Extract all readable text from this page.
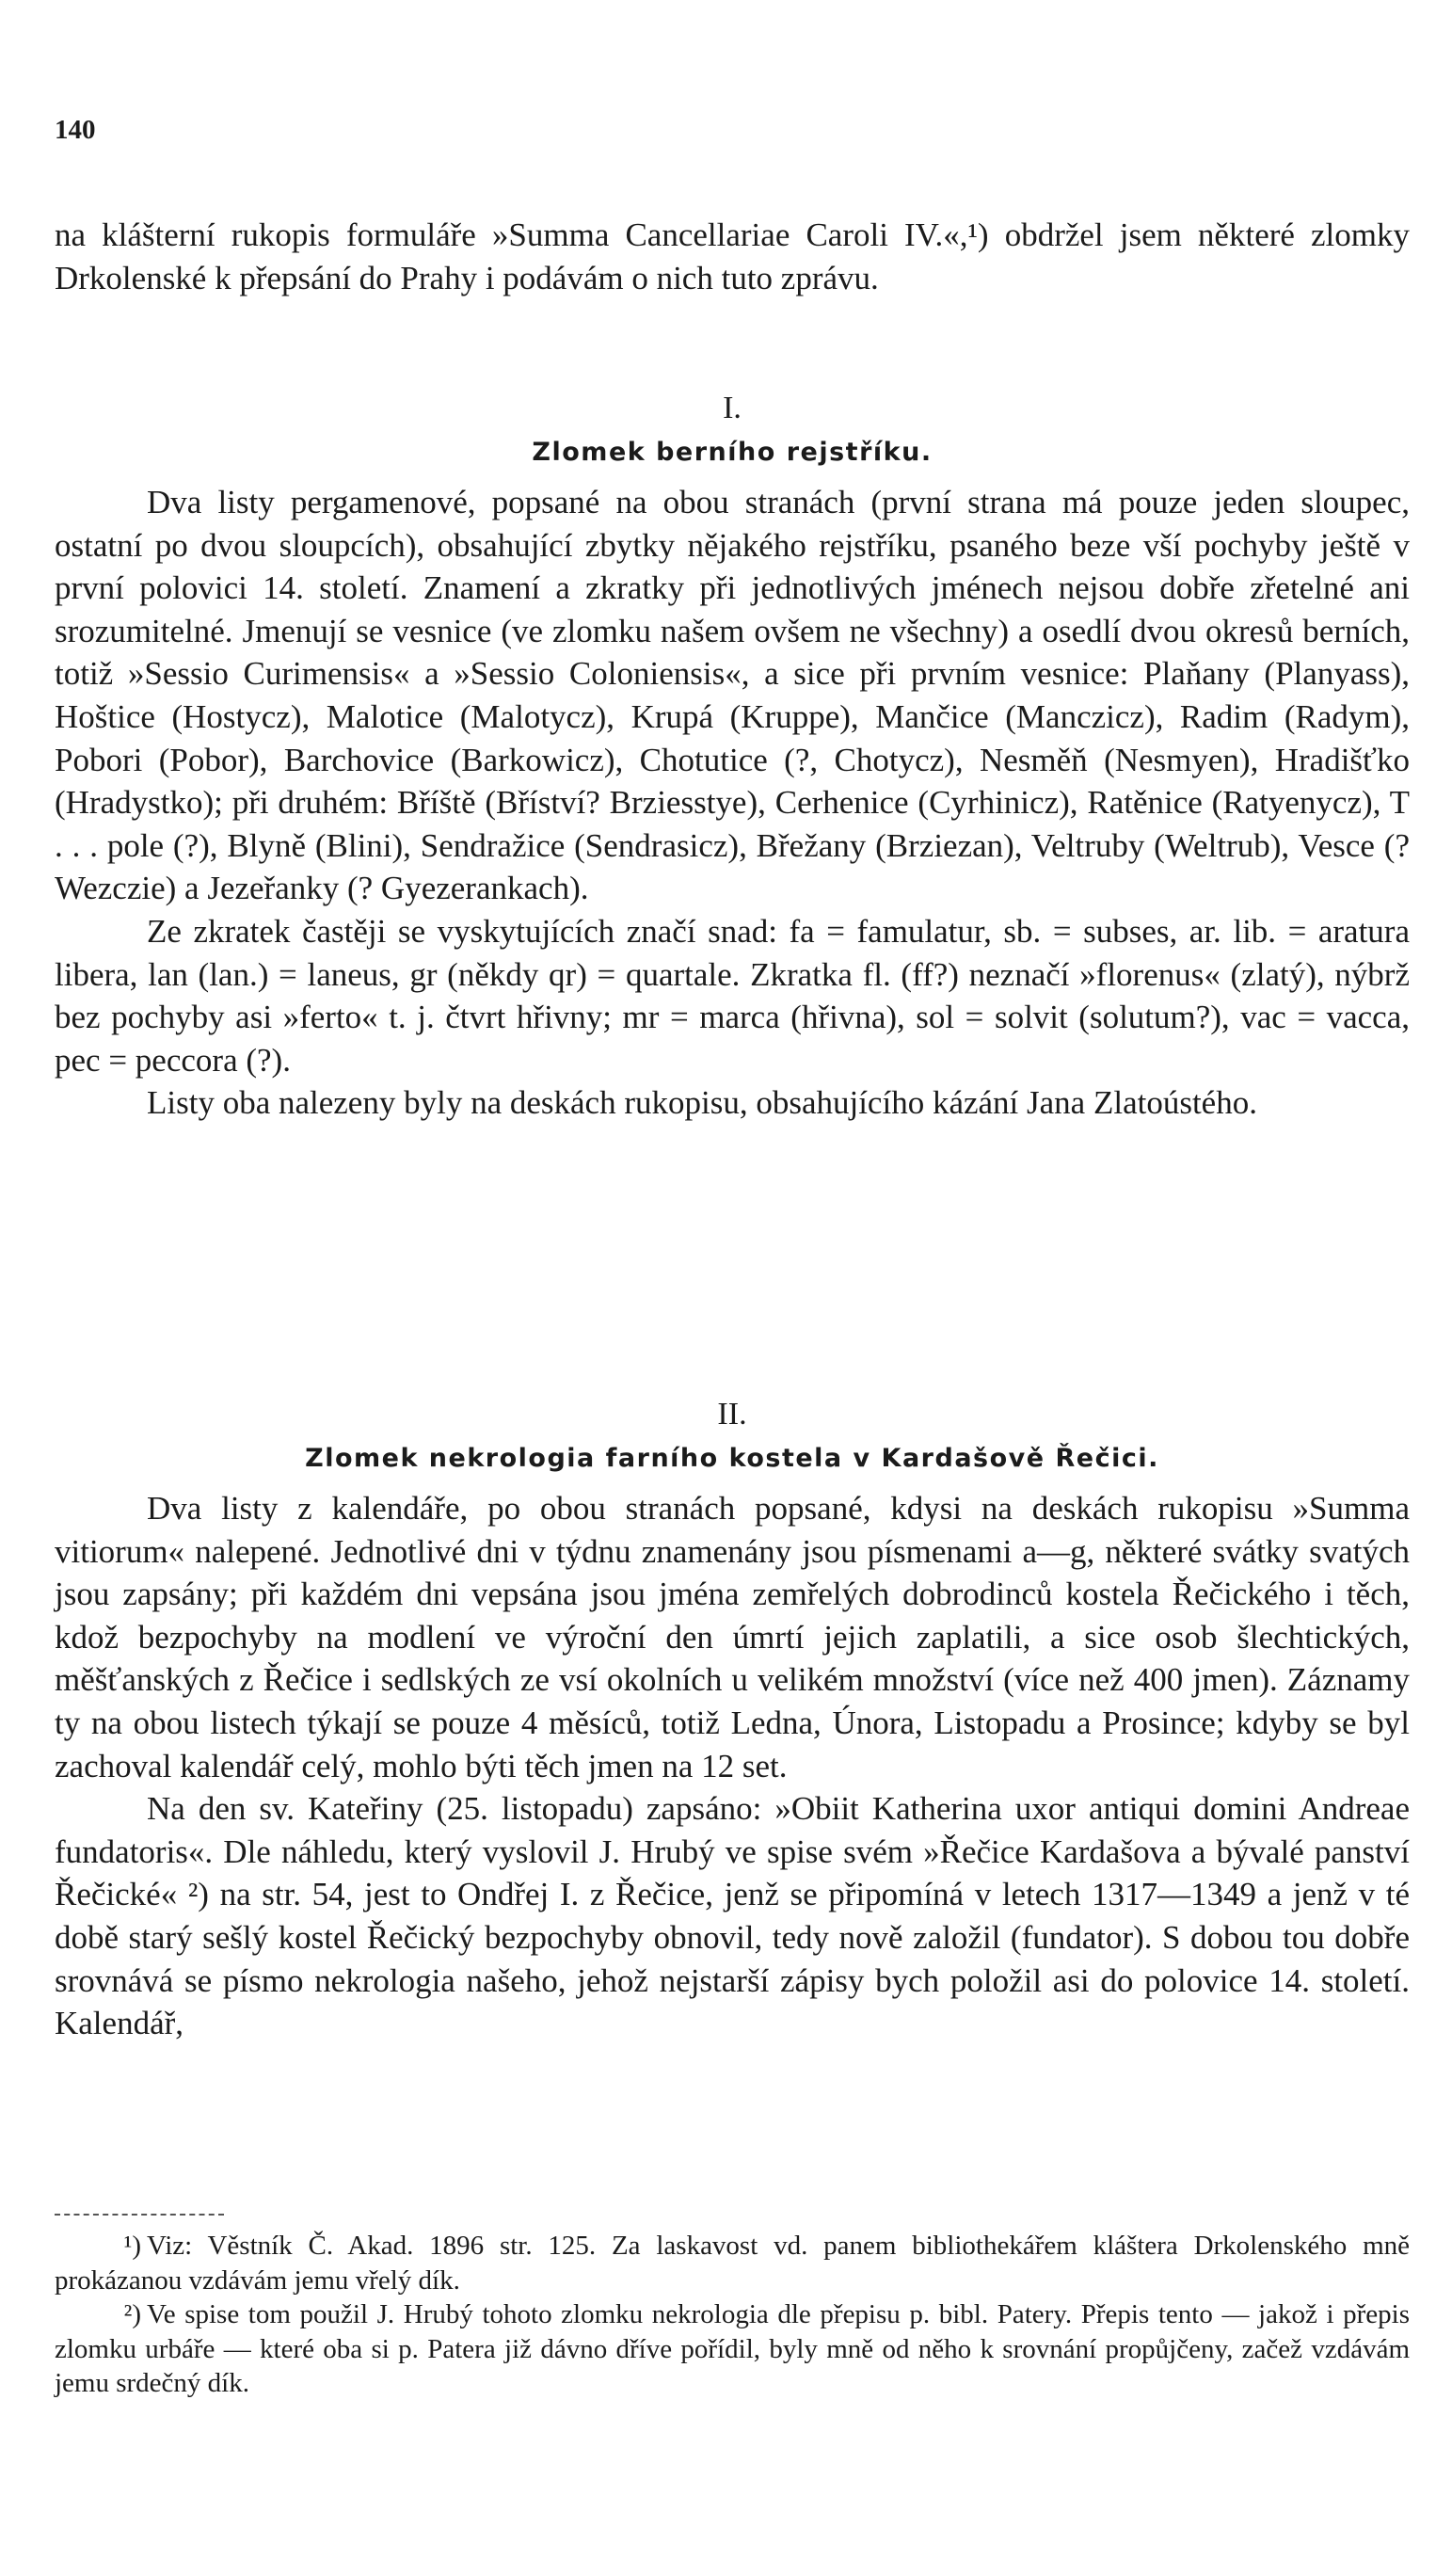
140

na klášterní rukopis formuláře »Summa Cancellariae Caroli IV.«,¹) obdržel jsem některé zlomky Drkolenské k přepsání do Prahy i podávám o nich tuto zprávu.

I.

Zlomek berního rejstříku.

Dva listy pergamenové, popsané na obou stranách (první strana má pouze jeden sloupec, ostatní po dvou sloupcích), obsahující zbytky nějakého rejstříku, psaného beze vší pochyby ještě v první polovici 14. století. Znamení a zkratky při jednotlivých jménech nejsou dobře zřetelné ani srozumitelné. Jmenují se vesnice (ve zlomku našem ovšem ne všechny) a osedlí dvou okresů berních, totiž »Sessio Curimensis« a »Sessio Coloniensis«, a sice při prvním vesnice: Plaňany (Planyass), Hoštice (Hostycz), Malotice (Malotycz), Krupá (Kruppe), Mančice (Manczicz), Radim (Radym), Pobori (Pobor), Barchovice (Barkowicz), Chotutice (?, Chotycz), Nesměň (Nesmyen), Hradišťko (Hradystko); při druhém: Bříště (Bříství? Brziesstye), Cerhenice (Cyrhinicz), Ratěnice (Ratyenycz), T . . . pole (?), Blyně (Blini), Sendražice (Sendrasicz), Břežany (Brziezan), Veltruby (Weltrub), Vesce (? Wezczie) a Jezeřanky (? Gyezerankach).

Ze zkratek častěji se vyskytujících značí snad: fa = famulatur, sb. = subses, ar. lib. = aratura libera, lan (lan.) = laneus, gr (někdy qr) = quartale. Zkratka fl. (ff?) neznačí »florenus« (zlatý), nýbrž bez pochyby asi »ferto« t. j. čtvrt hřivny; mr = marca (hřivna), sol = solvit (solutum?), vac = vacca, pec = peccora (?).

Listy oba nalezeny byly na deskách rukopisu, obsahujícího kázání Jana Zlatoústého.

II.

Zlomek nekrologia farního kostela v Kardašově Řečici.

Dva listy z kalendáře, po obou stranách popsané, kdysi na deskách rukopisu »Summa vitiorum« nalepené. Jednotlivé dni v týdnu znamenány jsou písmenami a—g, některé svátky svatých jsou zapsány; při každém dni vepsána jsou jména zemřelých dobrodinců kostela Řečického i těch, kdož bezpochyby na modlení ve výroční den úmrtí jejich zaplatili, a sice osob šlechtických, měšťanských z Řečice i sedlských ze vsí okolních u velikém množství (více než 400 jmen). Záznamy ty na obou listech týkají se pouze 4 měsíců, totiž Ledna, Února, Listopadu a Prosince; kdyby se byl zachoval kalendář celý, mohlo býti těch jmen na 12 set.

Na den sv. Kateřiny (25. listopadu) zapsáno: »Obiit Katherina uxor antiqui domini Andreae fundatoris«. Dle náhledu, který vyslovil J. Hrubý ve spise svém »Řečice Kardašova a bývalé panství Řečické« ²) na str. 54, jest to Ondřej I. z Řečice, jenž se připomíná v letech 1317—1349 a jenž v té době starý sešlý kostel Řečický bezpochyby obnovil, tedy nově založil (fundator). S dobou tou dobře srovnává se písmo nekrologia našeho, jehož nejstarší zápisy bych položil asi do polovice 14. století. Kalendář,

¹) Viz: Věstník Č. Akad. 1896 str. 125. Za laskavost vd. panem bibliothekářem kláštera Drkolenského mně prokázanou vzdávám jemu vřelý dík.

²) Ve spise tom použil J. Hrubý tohoto zlomku nekrologia dle přepisu p. bibl. Patery. Přepis tento — jakož i přepis zlomku urbáře — které oba si p. Patera již dávno dříve pořídil, byly mně od něho k srovnání propůjčeny, začež vzdávám jemu srdečný dík.
